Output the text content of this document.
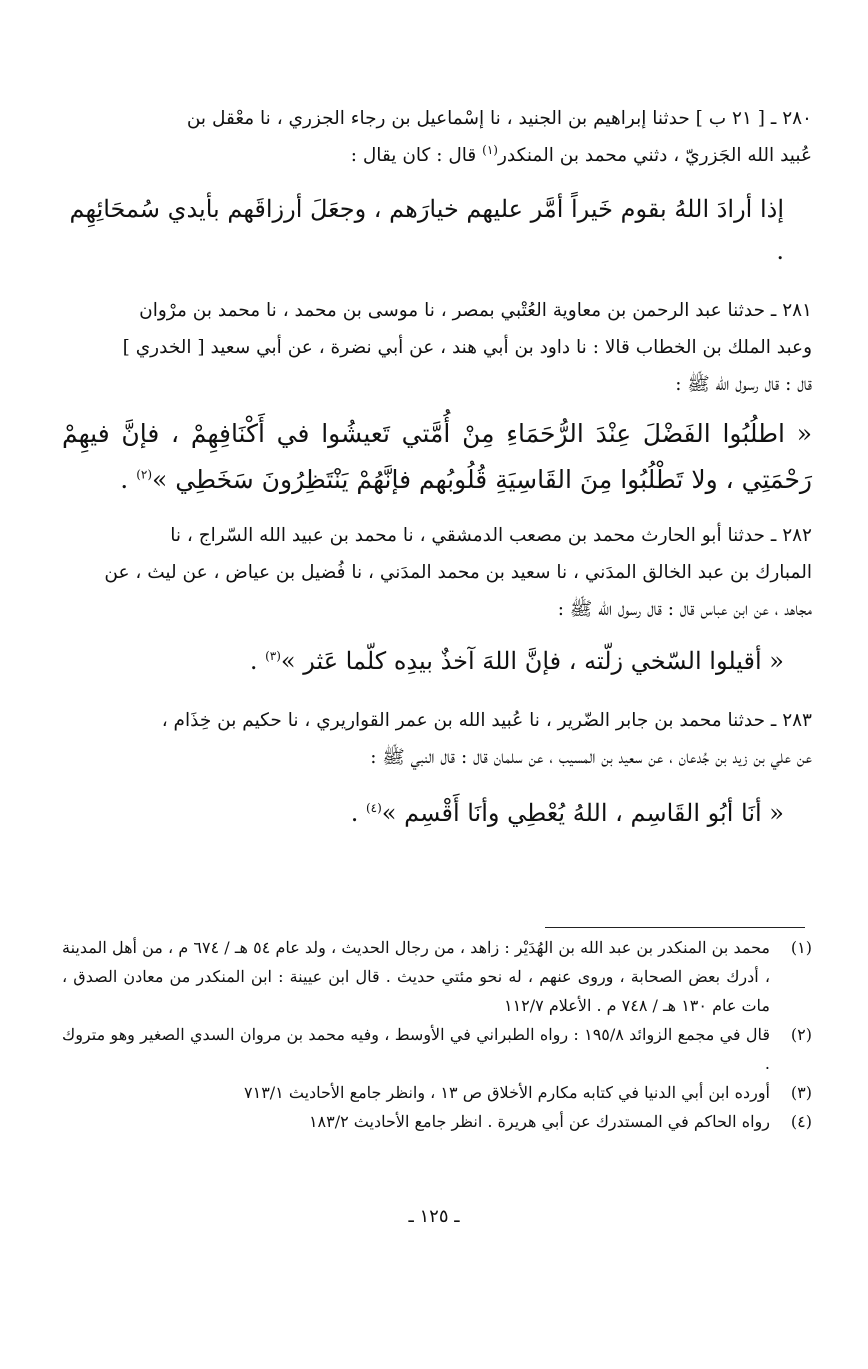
٢٨٠ ـ [ ٢١ ب ] حدثنا إبراهيم بن الجنيد ، نا إسْماعيل بن رجاء الجزري ، نا معْقل بن
عُبيد الله الجَزريّ ، دثني محمد بن المنكدر$^{(١)}$ قال : كان يقال :

إذا أرادَ اللهُ بقوم خَيراً أمَّر عليهم خيارَهم ، وجعَلَ أرزاقَهم بأيدي سُمحَائِهِم .

٢٨١ ـ حدثنا عبد الرحمن بن معاوية العُتْبي بمصر ، نا موسى بن محمد ، نا محمد بن مرْوان
وعبد الملك بن الخطاب قالا : نا داود بن أبي هند ، عن أبي نضرة ، عن أبي سعيد [ الخدري ]
قال : قال رسول الله ﷺ :

« اطلُبُوا الفَضْلَ عِنْدَ الرُّحَمَاءِ مِنْ أُمَّتي تَعيشُوا في أَكْنَافِهِمْ ، فإنَّ فيهِمْ رَحْمَتِي ، ولا تَطْلُبُوا مِنَ القَاسِيَةِ قُلُوبُهم فإنَّهُمْ يَنْتَظِرُونَ سَخَطِي »$^{(٢)}$ .

٢٨٢ ـ حدثنا أبو الحارث محمد بن مصعب الدمشقي ، نا محمد بن عبيد الله السّراج ، نا
المبارك بن عبد الخالق المدَني ، نا سعيد بن محمد المدَني ، نا فُضيل بن عياض ، عن ليث ، عن
مجاهد ، عن ابن عباس قال : قال رسول الله ﷺ :

« أقيلوا السّخي زلّته ، فإنَّ اللهَ آخذٌ بيدِه كلّما عَثر »$^{(٣)}$ .

٢٨٣ ـ حدثنا محمد بن جابر الضّرير ، نا عُبيد الله بن عمر القواريري ، نا حكيم بن خِذَام ،
عن علي بن زيد بن جُدعان ، عن سعيد بن المسيب ، عن سلمان قال : قال النبي ﷺ :

« أنَا أبُو القَاسِم ، اللهُ يُعْطِي وأنَا أَقْسِم »$^{(٤)}$ .

(١)
محمد بن المنكدر بن عبد الله بن الهُدَيْر : زاهد ، من رجال الحديث ، ولد عام ٥٤ هـ / ٦٧٤ م ، من أهل المدينة ، أدرك بعض الصحابة ، وروى عنهم ، له نحو مئتي حديث . قال ابن عيينة : ابن المنكدر من معادن الصدق ، مات عام ١٣٠ هـ / ٧٤٨ م . الأعلام ١١٢/٧
(٢)
قال في مجمع الزوائد ١٩٥/٨ : رواه الطبراني في الأوسط ، وفيه محمد بن مروان السدي الصغير وهو متروك .
(٣)
أورده ابن أبي الدنيا في كتابه مكارم الأخلاق ص ١٣ ، وانظر جامع الأحاديث ٧١٣/١
(٤)
رواه الحاكم في المستدرك عن أبي هريرة . انظر جامع الأحاديث ١٨٣/٢
ـ ١٢٥ ـ
